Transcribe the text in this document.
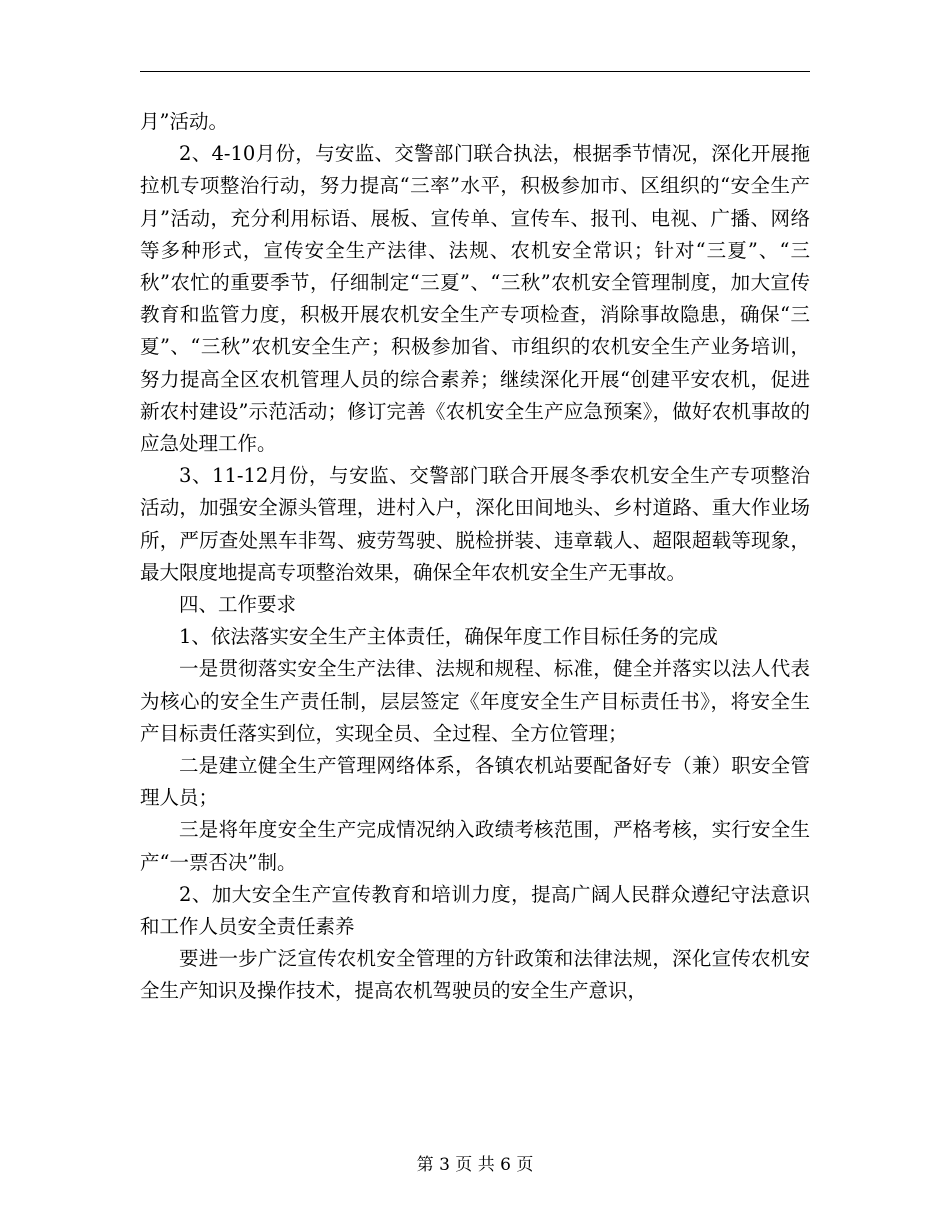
月”活动。

2、4-10月份，与安监、交警部门联合执法，根据季节情况，深化开展拖拉机专项整治行动，努力提高“三率”水平，积极参加市、区组织的“安全生产月”活动，充分利用标语、展板、宣传单、宣传车、报刊、电视、广播、网络等多种形式，宣传安全生产法律、法规、农机安全常识；针对“三夏”、“三秋”农忙的重要季节，仔细制定“三夏”、“三秋”农机安全管理制度，加大宣传教育和监管力度，积极开展农机安全生产专项检查，消除事故隐患，确保“三夏”、“三秋”农机安全生产；积极参加省、市组织的农机安全生产业务培训，努力提高全区农机管理人员的综合素养；继续深化开展“创建平安农机，促进新农村建设”示范活动；修订完善《农机安全生产应急预案》，做好农机事故的应急处理工作。

3、11-12月份，与安监、交警部门联合开展冬季农机安全生产专项整治活动，加强安全源头管理，进村入户，深化田间地头、乡村道路、重大作业场所，严厉查处黑车非驾、疲劳驾驶、脱检拼装、违章载人、超限超载等现象，最大限度地提高专项整治效果，确保全年农机安全生产无事故。

四、工作要求

1、依法落实安全生产主体责任，确保年度工作目标任务的完成

一是贯彻落实安全生产法律、法规和规程、标准，健全并落实以法人代表为核心的安全生产责任制，层层签定《年度安全生产目标责任书》，将安全生产目标责任落实到位，实现全员、全过程、全方位管理；

二是建立健全生产管理网络体系，各镇农机站要配备好专（兼）职安全管理人员；

三是将年度安全生产完成情况纳入政绩考核范围，严格考核，实行安全生产“一票否决”制。

2、加大安全生产宣传教育和培训力度，提高广阔人民群众遵纪守法意识和工作人员安全责任素养

要进一步广泛宣传农机安全管理的方针政策和法律法规，深化宣传农机安全生产知识及操作技术，提高农机驾驶员的安全生产意识，

第 3 页 共 6 页
